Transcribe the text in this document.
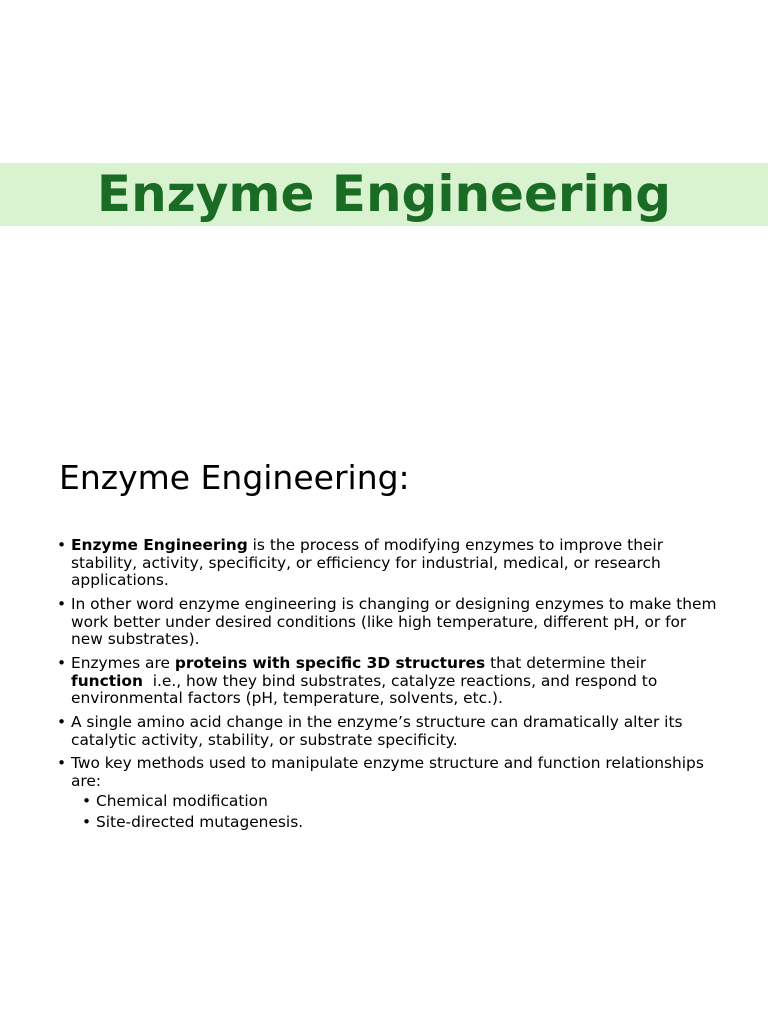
Enzyme Engineering
Enzyme Engineering:
• Enzyme Engineering is the process of modifying enzymes to improve their stability, activity, specificity, or efficiency for industrial, medical, or research applications.
• In other word enzyme engineering is changing or designing enzymes to make them work better under desired conditions (like high temperature, different pH, or for new substrates).
• Enzymes are proteins with specific 3D structures that determine their function  i.e., how they bind substrates, catalyze reactions, and respond to environmental factors (pH, temperature, solvents, etc.).
• A single amino acid change in the enzyme’s structure can dramatically alter its catalytic activity, stability, or substrate specificity.
• Two key methods used to manipulate enzyme structure and function relationships are:
• Chemical modification
• Site-directed mutagenesis.
